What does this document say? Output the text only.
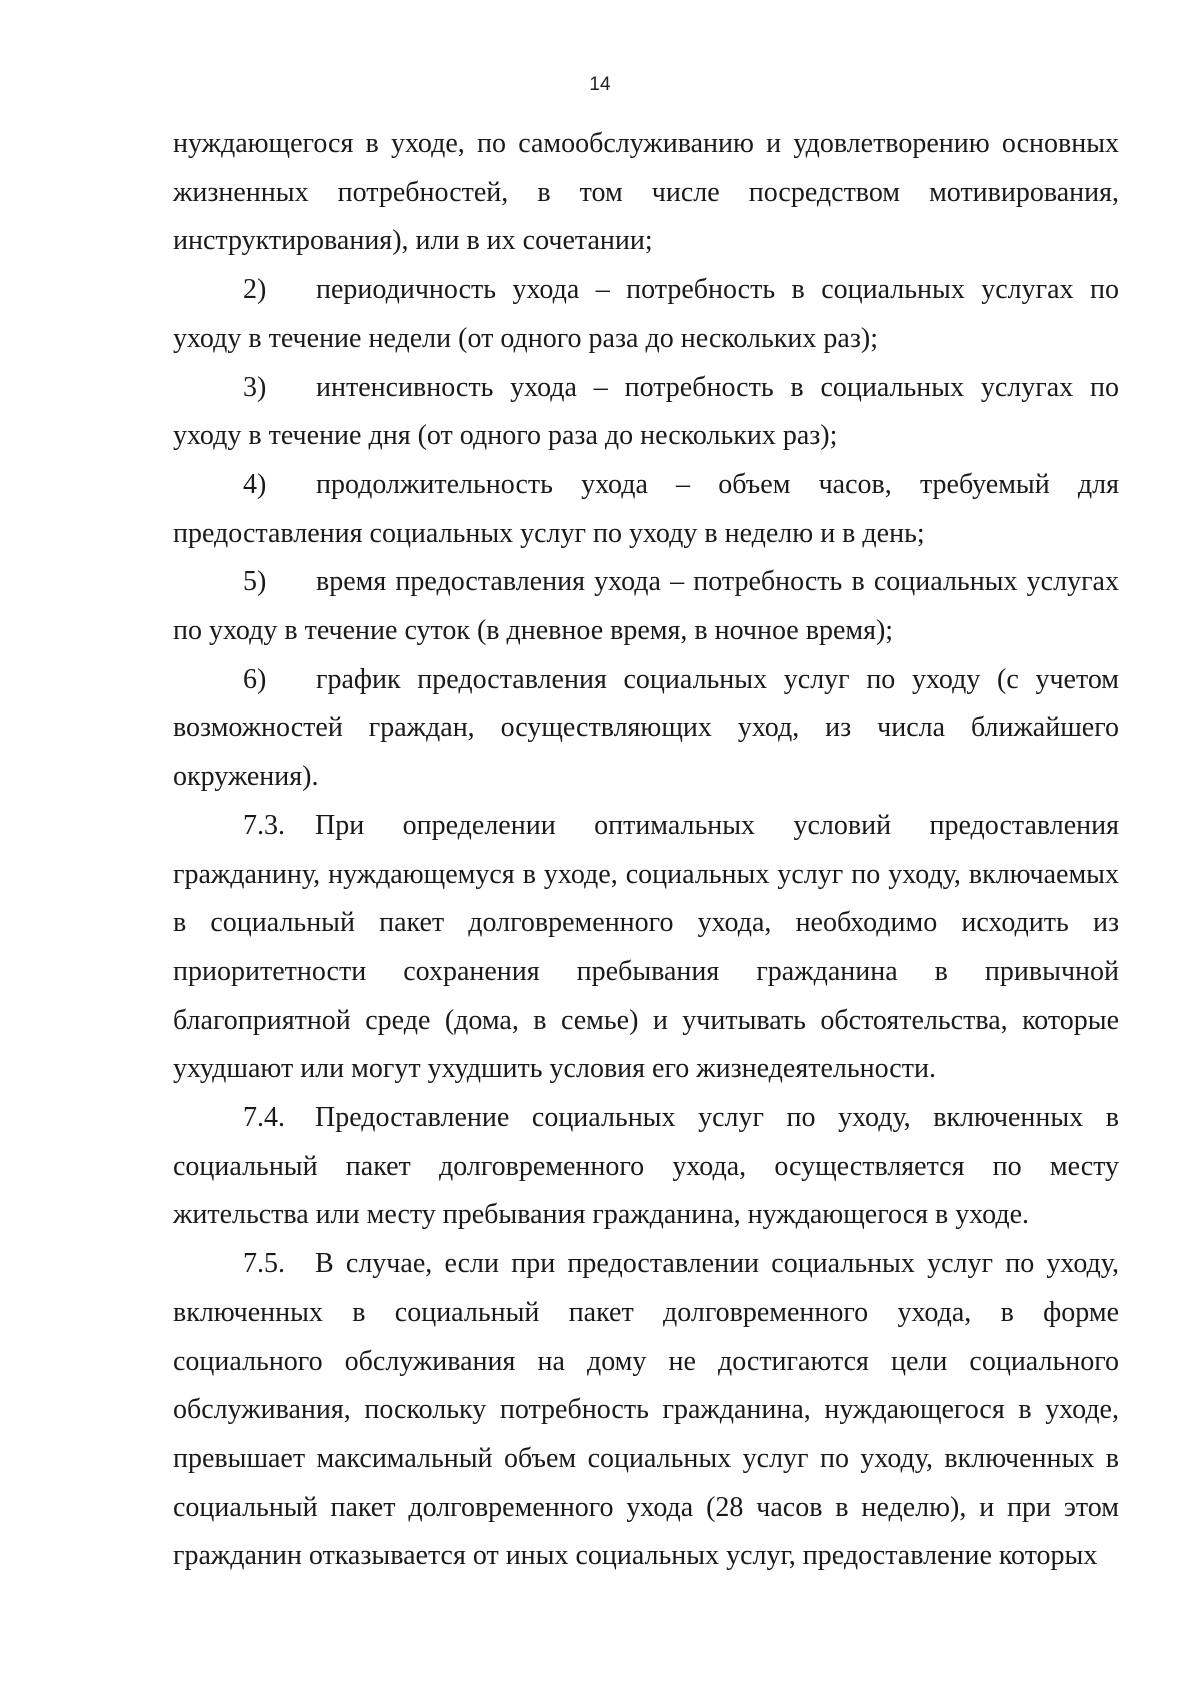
14

нуждающегося в уходе, по самообслуживанию и удовлетворению основных жизненных потребностей, в том числе посредством мотивирования, инструктирования), или в их сочетании;

2) периодичность ухода – потребность в социальных услугах по уходу в течение недели (от одного раза до нескольких раз);

3) интенсивность ухода – потребность в социальных услугах по уходу в течение дня (от одного раза до нескольких раз);

4) продолжительность ухода – объем часов, требуемый для предоставления социальных услуг по уходу в неделю и в день;

5) время предоставления ухода – потребность в социальных услугах по уходу в течение суток (в дневное время, в ночное время);

6) график предоставления социальных услуг по уходу (с учетом возможностей граждан, осуществляющих уход, из числа ближайшего окружения).

7.3. При определении оптимальных условий предоставления гражданину, нуждающемуся в уходе, социальных услуг по уходу, включаемых в социальный пакет долговременного ухода, необходимо исходить из приоритетности сохранения пребывания гражданина в привычной благоприятной среде (дома, в семье) и учитывать обстоятельства, которые ухудшают или могут ухудшить условия его жизнедеятельности.

7.4. Предоставление социальных услуг по уходу, включенных в социальный пакет долговременного ухода, осуществляется по месту жительства или месту пребывания гражданина, нуждающегося в уходе.

7.5. В случае, если при предоставлении социальных услуг по уходу, включенных в социальный пакет долговременного ухода, в форме социального обслуживания на дому не достигаются цели социального обслуживания, поскольку потребность гражданина, нуждающегося в уходе, превышает максимальный объем социальных услуг по уходу, включенных в социальный пакет долговременного ухода (28 часов в неделю), и при этом гражданин отказывается от иных социальных услуг, предоставление которых
